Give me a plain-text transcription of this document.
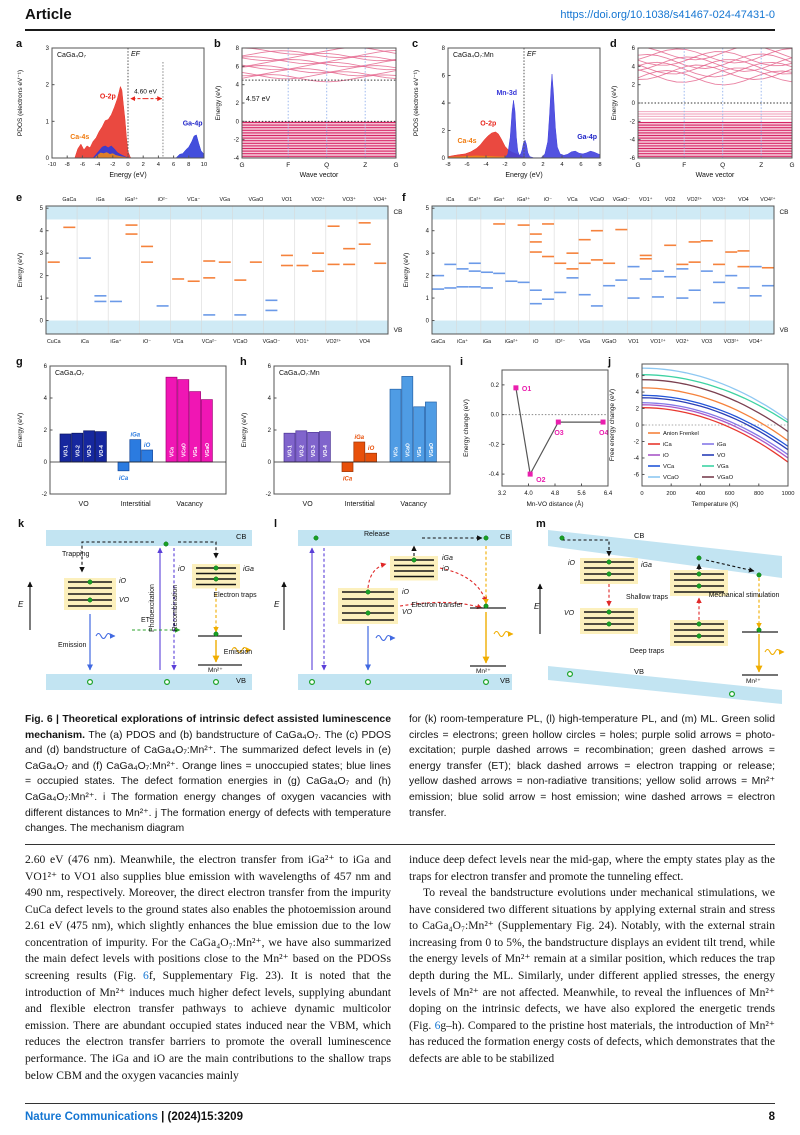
Article	https://doi.org/10.1038/s41467-024-47431-0
a
EF
4.60 eV
-10 -8 -6 -4 -2 0 2 4 6 8 10
0
1
2
3
O-2p
Ca-4s
Ga-4p
CaGa₄O₇
Energy (eV)
PDOS (electrons eV⁻¹)
b
4.57 eV
G	F	Q	Z	G
-4
-2
0
2
4
6
8
Wave vector
Energy (eV)
c
EF
-8 -6 -4 -2	0	2	4	6	8
0
2
4
6
8
Mn-3d
O-2p
Ca-4s
Ga-4p
CaGa₄O₇:Mn
Energy (eV)
PDOS (electrons eV⁻¹)
d
G	F	Q	Z	G
-6
-4
-2
0
2
4
6
Wave vector
Energy (eV)
e
0
1
2
3
4
5
GaCa	iGa	iGa²⁺	iO²⁻	VCa⁻	VGa	VGaO	VO1	VO2⁺	VO3⁺	VO4⁺
CuCa	iCa	iGa⁺	iO⁻	VCa	VCa²⁻	VCaO	VGaO⁻	VO1⁺	VO2²⁺	VO4
CB
VB
Energy (eV)
f
0
1
2
3
4
5
iCa	iCa²⁺ iGa⁺ iGa³⁺	iO⁻	VCa VCaO VGaO⁻ VO1⁺ VO2 VO2²⁺ VO3⁺ VO4 VO4²⁺
GaCa iCa⁺	iGa	iGa²⁺	iO	iO²⁻	VGa VGaO VO1 VO1²⁺ VO2⁺ VO3 VO3²⁺ VO4⁺
CB
VB
Energy (eV)
g
VO-1 VO-2 VO-3 VO-4
VO
iCa
iGa
iO
Interstitial
VCa VCaO VGa VGaO
Vacancy
-2
0
2
4
6
CaGa₄O₇
Energy (eV)
h
VO-1 VO-2 VO-3 VO-4
VO
iCa
iGa
iO
Interstitial
VCa VCaO VGa VGaO
Vacancy
-2
0
2
4
6
CaGa₄O₇:Mn
Energy (eV)
i
O1
O2
O3	O4
3.2	4.0	4.8	5.6	6.4
0.2
0.0
-0.2
-0.4
Mn-VO distance (Å)
Energy change (eV)
j
0	200	400	600	800	1000
-6
-4
-2
0
2
4
6
Anion Frenkel
iCa	iGa
iO	VO
VCa	VGa
VCaO	VGaO
Temperature (K)
Free energy change (eV)
k
Trapping
iO
VO
iO	iGa
Electron traps
Photoexcitation Recombination
ET
Emission
Emission
Mn²⁺
CB
VB
E
l
Release
iGa
iO
iO
VO
Electron transfer
Mn²⁺
CB
VB
E
m
iO	iGa
VO
Shallow traps
Deep traps
Mechanical stimulation
Mn²⁺
CB
VB
E
Fig. 6 | Theoretical explorations of intrinsic defect assisted luminescence mechanism. The (a) PDOS and (b) bandstructure of CaGa₄O₇. The (c) PDOS and (d) bandstructure of CaGa₄O₇:Mn²⁺. The summarized defect levels in (e) CaGa₄O₇ and (f) CaGa₄O₇:Mn²⁺. Orange lines = unoccupied states; blue lines = occupied states. The defect formation energies in (g) CaGa₄O₇ and (h) CaGa₄O₇:Mn²⁺. i The formation energy changes of oxygen vacancies with different distances to Mn²⁺. j The formation energy of defects with temperature changes. The mechanism diagram
for (k) room-temperature PL, (l) high-temperature PL, and (m) ML. Green solid circles = electrons; green hollow circles = holes; purple solid arrows = photo-excitation; purple dashed arrows = recombination; green dashed arrows = energy transfer (ET); black dashed arrows = electron trapping or release; yellow dashed arrows = non-radiative transitions; yellow solid arrows = Mn²⁺ emission; blue solid arrow = host emission; wine dashed arrows = electron transfer.

2.60 eV (476 nm). Meanwhile, the electron transfer from iGa²⁺ to iGa and VO1²⁺ to VO1 also supplies blue emission with wavelengths of 457 nm and 490 nm, respectively. Moreover, the direct electron transfer from the impurity CuCa defect levels to the ground states also enables the photoemission around 2.61 eV (475 nm), which slightly enhances the blue emission due to the low concentration of impurity. For the CaGa₄O₇:Mn²⁺, we have also summarized the main defect levels with positions close to the Mn²⁺ based on the PDOSs screening results (Fig. 6f, Supplementary Fig. 23). It is noted that the introduction of Mn²⁺ induces much higher defect levels, supplying abundant and flexible electron transfer pathways to achieve dynamic multicolor emission. There are abundant occupied states induced near the VBM, which reduces the electron transfer barriers to promote the overall luminescence performance. The iGa and iO are the main contributions to the shallow traps below CBM and the oxygen vacancies mainly

induce deep defect levels near the mid-gap, where the empty states play as the traps for electron transfer and promote the tunneling effect.

To reveal the bandstructure evolutions under mechanical stimulations, we have considered two different situations by applying external strain and stress to CaGa₄O₇:Mn²⁺ (Supplementary Fig. 24). Notably, with the external strain increasing from 0 to 5%, the bandstructure displays an evident tilt trend, while the energy levels of Mn²⁺ remain at a similar position, which reduces the trap depth during the ML. Similarly, under different applied stresses, the energy levels of Mn²⁺ are not affected. Meanwhile, to reveal the influences of Mn²⁺ doping on the intrinsic defects, we have also explored the energetic trends (Fig. 6g–h). Compared to the pristine host materials, the introduction of Mn²⁺ has reduced the formation energy costs of defects, which demonstrates that the defects are able to be stabilized

Nature Communications | (2024)15:3209	8
